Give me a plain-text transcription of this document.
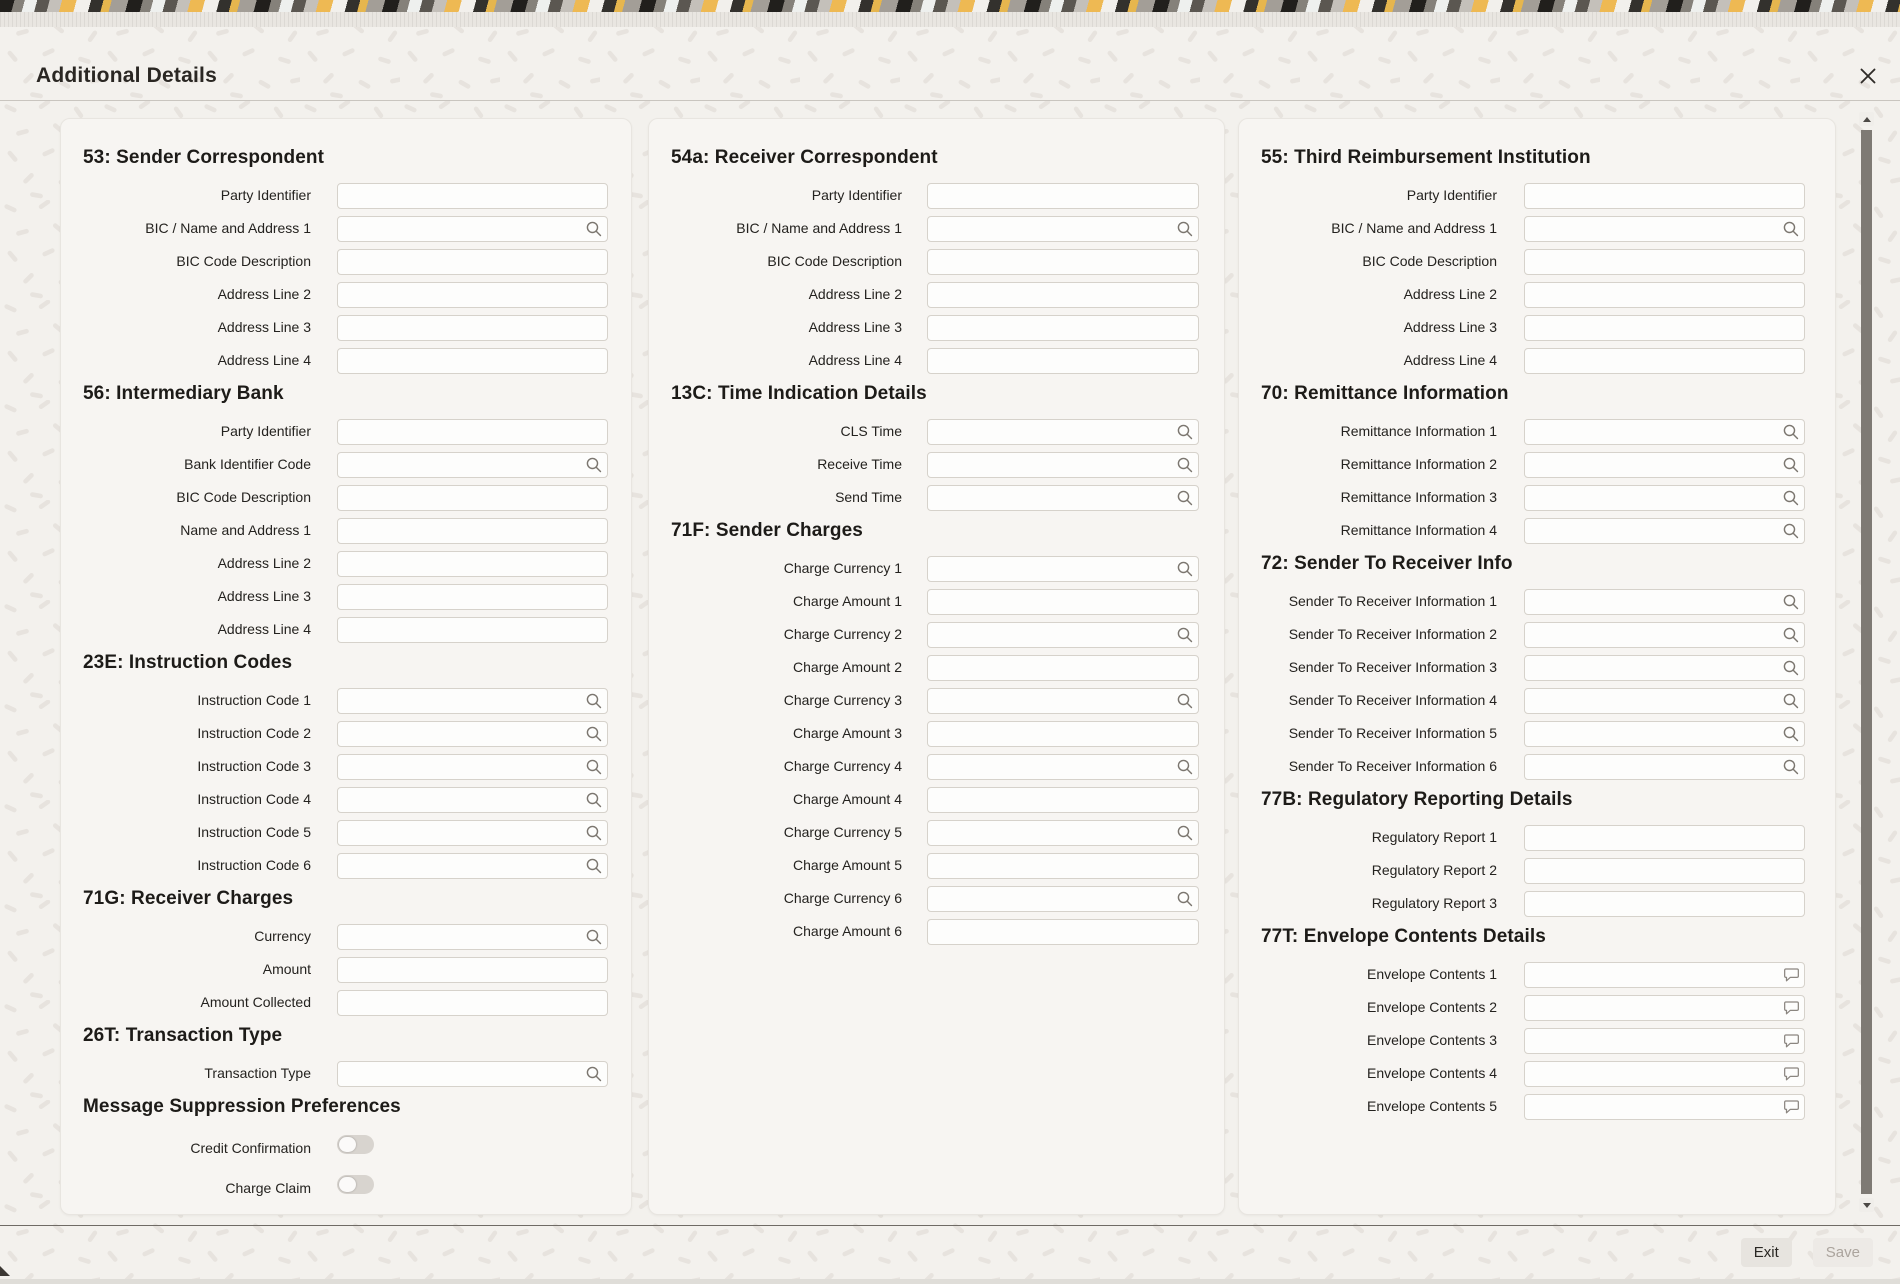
Additional Details
53: Sender Correspondent
Party Identifier
BIC / Name and Address 1
BIC Code Description
Address Line 2
Address Line 3
Address Line 4
56: Intermediary Bank
Party Identifier
Bank Identifier Code
BIC Code Description
Name and Address 1
Address Line 2
Address Line 3
Address Line 4
23E: Instruction Codes
Instruction Code 1
Instruction Code 2
Instruction Code 3
Instruction Code 4
Instruction Code 5
Instruction Code 6
71G: Receiver Charges
Currency
Amount
Amount Collected
26T: Transaction Type
Transaction Type
Message Suppression Preferences
Credit Confirmation
Charge Claim
54a: Receiver Correspondent
Party Identifier
BIC / Name and Address 1
BIC Code Description
Address Line 2
Address Line 3
Address Line 4
13C: Time Indication Details
CLS Time
Receive Time
Send Time
71F: Sender Charges
Charge Currency 1
Charge Amount 1
Charge Currency 2
Charge Amount 2
Charge Currency 3
Charge Amount 3
Charge Currency 4
Charge Amount 4
Charge Currency 5
Charge Amount 5
Charge Currency 6
Charge Amount 6
55: Third Reimbursement Institution
Party Identifier
BIC / Name and Address 1
BIC Code Description
Address Line 2
Address Line 3
Address Line 4
70: Remittance Information
Remittance Information 1
Remittance Information 2
Remittance Information 3
Remittance Information 4
72: Sender To Receiver Info
Sender To Receiver Information 1
Sender To Receiver Information 2
Sender To Receiver Information 3
Sender To Receiver Information 4
Sender To Receiver Information 5
Sender To Receiver Information 6
77B: Regulatory Reporting Details
Regulatory Report 1
Regulatory Report 2
Regulatory Report 3
77T: Envelope Contents Details
Envelope Contents 1
Envelope Contents 2
Envelope Contents 3
Envelope Contents 4
Envelope Contents 5
Exit	Save
